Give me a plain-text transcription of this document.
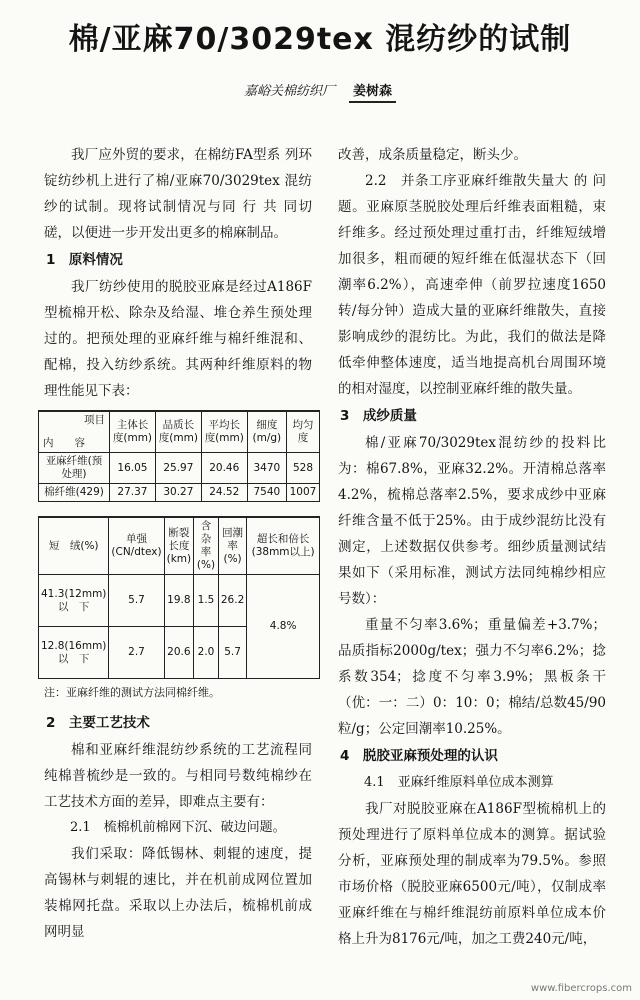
棉/亚麻70/3029tex 混纺纱的试制
嘉峪关棉纺织厂 姜树森

我厂应外贸的要求，在棉纺FA型系 列环锭纺纱机上进行了棉/亚麻70/3029tex 混纺纱的试制。现将试制情况与同 行 共 同切磋，以便进一步开发出更多的棉麻制品。

1　原料情况

我厂纺纱使用的脱胶亚麻是经过A186F型梳棉开松、除杂及给湿、堆仓养生预处理过的。把预处理的亚麻纤维与棉纤维混和、配棉，投入纺纱系统。其两种纤维原料的物理性能见下表：

项目
内　　容	主体长度(mm)	品质长度(mm)	平均长度(mm)	细度(m/g)	均匀度
亚麻纤维(预处理)	16.05	25.97	20.46	3470	528
棉纤维(429)	27.37	30.27	24.52	7540	1007
短　绒(%)	单强(CN/dtex)	断裂长度(km)	含杂率(%)	回潮率(%)	超长和倍长(38mm以上)
41.3(12mm)以　下	5.7	19.8	1.5	26.2	4.8%
12.8(16mm)以　下	2.7	20.6	2.0	5.7	

注：亚麻纤维的测试方法同棉纤维。

2　主要工艺技术

棉和亚麻纤维混纺纱系统的工艺流程同纯棉普梳纱是一致的。与相同号数纯棉纱在工艺技术方面的差异，即难点主要有：

2.1　梳棉机前棉网下沉、破边问题。

我们采取：降低锡林、刺辊的速度，提高锡林与刺辊的速比，并在机前成网位置加装棉网托盘。采取以上办法后，梳棉机前成网明显

改善，成条质量稳定，断头少。

2.2　并条工序亚麻纤维散失量大 的 问题。亚麻原茎脱胶处理后纤维表面粗糙，束纤维多。经过预处理过重打击，纤维短绒增加很多，粗而硬的短纤维在低湿状态下（回潮率6.2%），高速牵伸（前罗拉速度1650转/每分钟）造成大量的亚麻纤维散失，直接影响成纱的混纺比。为此，我们的做法是降低牵伸整体速度，适当地提高机台周围环境的相对湿度，以控制亚麻纤维的散失量。

3　成纱质量

棉/亚麻70/3029tex混纺纱的投料比为：棉67.8%，亚麻32.2%。开清棉总落率4.2%，梳棉总落率2.5%，要求成纱中亚麻纤维含量不低于25%。由于成纱混纺比没有测定，上述数据仅供参考。细纱质量测试结果如下（采用标准，测试方法同纯棉纱相应号数）：

重量不匀率3.6%；重量偏差+3.7%；品质指标2000g/tex；强力不匀率6.2%；捻系数354；捻度不匀率3.9%；黑板条干（优：一：二）0：10：0；棉结/总数45/90粒/g；公定回潮率10.25%。

4　脱胶亚麻预处理的认识
4.1　亚麻纤维原料单位成本测算

我厂对脱胶亚麻在A186F型梳棉机上的预处理进行了原料单位成本的测算。据试验分析，亚麻预处理的制成率为79.5%。参照市场价格（脱胶亚麻6500元/吨），仅制成率亚麻纤维在与棉纤维混纺前原料单位成本价格上升为8176元/吨，加之工费240元/吨，

www.fibercrops.com
